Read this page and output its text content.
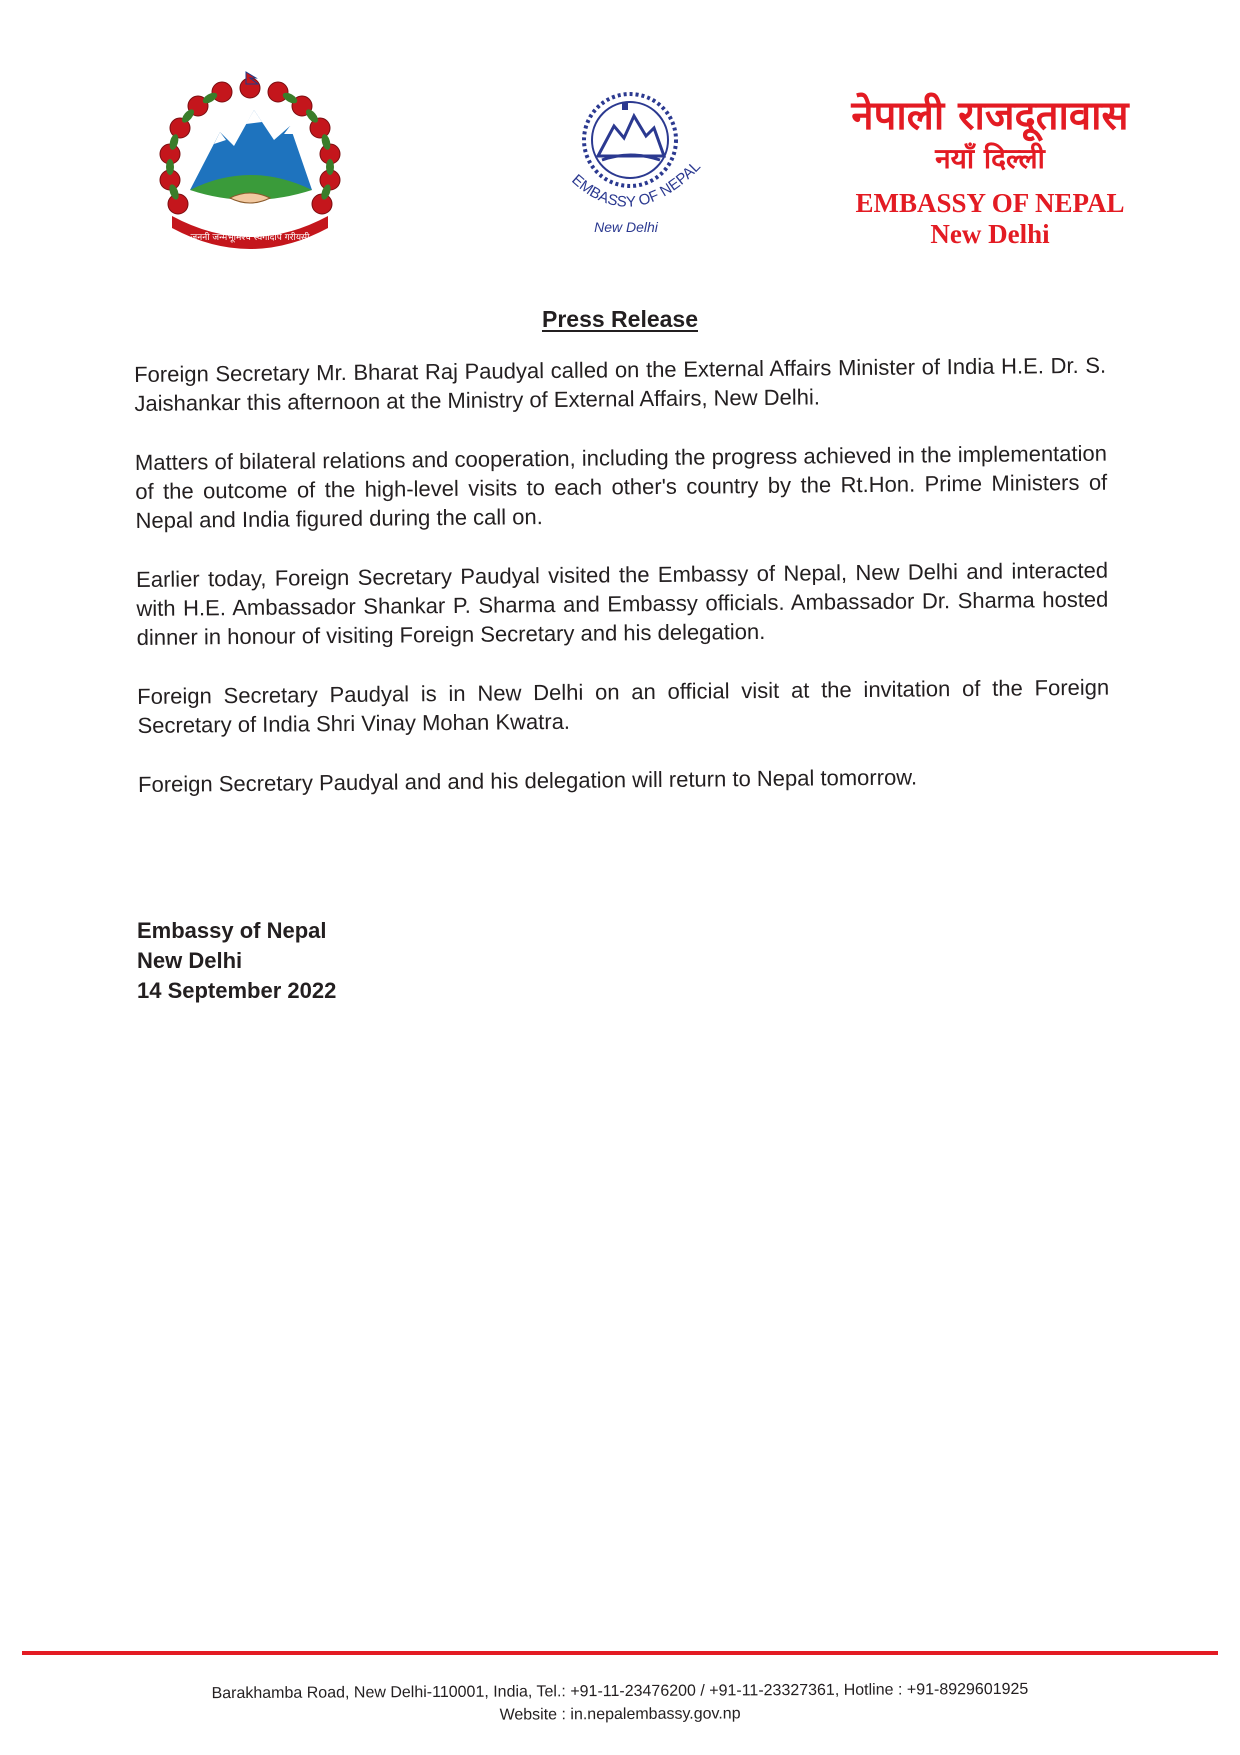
जननी जन्मभूमिश्च स्वर्गादपि गरीयसी
EMBASSY OF NEPAL
New Delhi
नेपाली राजदूतावास
नयाँ दिल्ली
EMBASSY OF NEPAL
New Delhi
Press Release

Foreign Secretary Mr. Bharat Raj Paudyal called on the External Affairs Minister of India H.E. Dr. S. Jaishankar this afternoon at the Ministry of External Affairs, New Delhi.

Matters of bilateral relations and cooperation, including the progress achieved in the implementation of the outcome of the high-level visits to each other's country by the Rt.Hon. Prime Ministers of Nepal and India figured during the call on.

Earlier today, Foreign Secretary Paudyal visited the Embassy of Nepal, New Delhi and interacted with H.E. Ambassador Shankar P. Sharma and Embassy officials. Ambassador Dr. Sharma hosted dinner in honour of visiting Foreign Secretary and his delegation.

Foreign Secretary Paudyal is in New Delhi on an official visit at the invitation of the Foreign Secretary of India Shri Vinay Mohan Kwatra.

Foreign Secretary Paudyal and and his delegation will return to Nepal tomorrow.

Embassy of Nepal
New Delhi
14 September 2022
Barakhamba Road, New Delhi-110001, India, Tel.: +91-11-23476200 / +91-11-23327361, Hotline : +91-8929601925
Website : in.nepalembassy.gov.np
